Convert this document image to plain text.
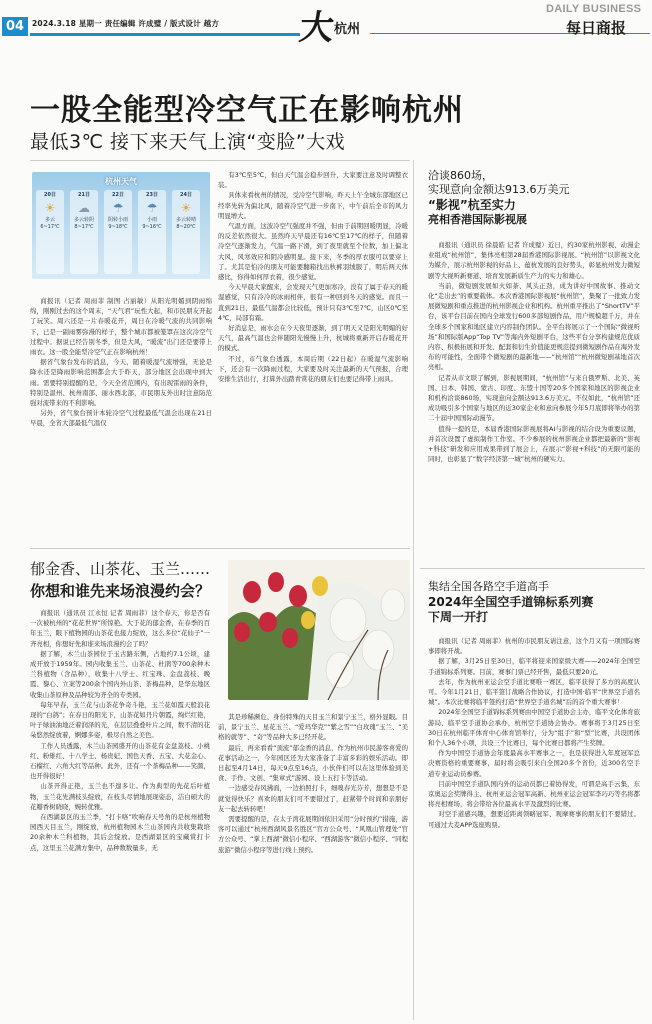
04	2024.3.18 星期一 责任编辑 许成璧 / 版式设计 越方 大
杭州
DAILY BUSINESS
每日商报
一股全能型冷空气正在影响杭州
最低3℃ 接下来天气上演“变脸”大戏
杭州天气
20日
☀
多云
6~17℃
21日
☁
多云转阴
8~17℃
22日
☂
阴转小雨
9~18℃
23日
☂
小雨
9~16℃
24日
☀
多云转晴
8~20℃

商报讯（记者 周雨菲 制图 占丽敏）从阳光明媚到阴雨绵绵，刚刚过去的这个周末，“天气君”玩性大起，和市民朋友开起了玩笑。周六还是一片春暖花开，周日在冷暖气流的共同影响下，已是一副雨雾弥漫的样子，整个城市都被笼罩在这次冷空气过程中。据说已经告别冬季，但是大风，“暖流”出门还是要带上雨衣。这一股全能型冷空气正在影响杭州！

据省气象台发布的消息，今天，随着暖湿气流增强，无论是降水还是降雨影响范围都会大于昨天，部分地区会出现中到大雨。需要特别提醒的是，今天全省范围内，有出现雷雨的条件，特别是温州、杭州南部、丽水西北部，市民朋友外出时注意防范强对流带来的不利影响。

另外，省气象台预计本轮冷空气过程最低气温会出现在21日早晨，全省大部最低气温仅

有3℃至5℃，但白天气温会稳步回升，大家要注意及时调整衣装。

具体来看杭州的情况，受冷空气影响，昨天上午全城东部地区已经率先转为偏北风，随着冷空气进一步南下，中午前后全市的风力明显增大。

气温方面，这波冷空气强度并不强，但由于前期回暖明显，冷暖的反差依然很大。虽然昨天早晨还有16℃至17℃的样子，但随着冷空气逐渐发力，气温一路下滑，到了夜里就至个位数，加上偏北大风，风寒效应和阴冷感明显。接下来，冬季的厚衣服可以要穿上了。尤其是怕冷的朋友可能要翻箱找出秋裤羽绒服了，明后两天体感比，你得如何厚衣着，很少感觉。

今天早晨大家醒来，会发现天气更加寒冷，没有了属于春天的暖湿感觉，只有冷冷的冰雨相伴，很有一种回到冬天的感觉。而且一直到21日，最低气温都会比较低，预计只有3℃至7℃，山区0℃至4℃，局部有霜。

好消息是，雨水会在今天夜里逐渐，到了明天又是阳光明媚的好天气，最高气温也会伴随阳光慢慢上升，杭城将重新开启春暖花开的模式。

不过，市气象台透露，本周后期（22日起）在暖湿气流影响下，还会有一次降雨过程，大家要及时关注最新的天气预报，合理安排生活出行，打算外出踏青赏花的朋友们也要记得带上雨具。

洽谈860场，
实现意向金额达913.6万美元
“影视”杭至实力
亮相香港国际影视展

商报讯（通讯员 徐晨皓 记者 许成璧）近日，约30家杭州影视、动漫企业组成“杭州馆”，集体亮相第28届香港国际影视展。“杭州馆”以影视文化为媒介，展示杭州影视的好品上、蕴杭发展的良好势头，彰显杭州发力微短剧等大视听新赛道、培育发展新质生产力的实力和雄心。

当前，微短剧发展如火如荼、风头正劲，成为讲好中国故事、推动文化“走出去”的重要载体。本次香港国际影视展“杭州馆”，集聚了一批致力发展微短剧和重点推进的杭州影视企业和机构。杭州重平推出了“ShortTV”平台，该平台目前在国内全球发行600多部短剧作品，用户规模超千万，并在全球多个国家和地区建立内容制作团队。全平台将展示了一个国际“微视听场”和国际版App“Top TV”等海内外短剧平台，这些平台分享构建规范优质内容、积极拓展和开发、配套和衍生价值能更规范提到微短剧作品在海外发布的可能性，全面带个微短剧的最新地——“杭州馆”“杭州微短剧基地首次亮相。

记者从市文联了解到，影视展期间，“杭州馆”与来自俄罗斯、北美、英国、日本、韩国、蒙古、印度、东盟十国等20多个国家和地区的影视企业和机构洽谈860场，实现意向金额达913.6万美元。不仅如此，“杭州馆”还成功吸引多个国家与地区的近30家企业和意向参展今年5月底即将举办的第二十届中国国际动漫节。

值得一提的是，本届香港国际影视展将AI与影视的结合设为重要议题，并首次设置了虚拟制作工作室。不少参展的杭州影视企业都把最新的“影视+科技”研发和应用成果带到了展会上，在展示“影视+科技”的无限可能的同时，也彰显了“数字经济第一城”杭州的硬实力。

集结全国各路空手道高手
2024年全国空手道锦标系列赛
下周一开打

商报讯（记者 周雨菲）杭州的市民朋友请注意，这个月又有一项国际赛事即将开战。

据了解，3月25日至30日，临平将迎来国家级大赛——2024年全国空手道锦标系列赛。目前，赛事门票已经开售，最低只要20元。

去年，作为杭州亚运会空手道比赛唯一赛区，临平获得了多方的高度认可。今年1月21日，临平签订战略合作协议，打造中国·临平“世界空手道名城”。本次比赛将临平签约打造“世界空手道名城”后的首个重大赛事！

2024年全国空手道锦标系列赛由中国空手道协会主办，临平文化体育旅游局、临平空手道协会承办，杭州空手道协会协办。赛事将于3月25日至30日在杭州临平体育中心体育馆举行，分为“组手”和“型”比赛，共设团体和个人36个小项，共设三个比赛日，每个比赛日都将产生奖牌。

作为中国空手道协会年度最高水平赛事之一，也是获得进入年度冠军总决赛资格的重要赛事，届时将会吸引来自全国20多个省份，近300名空手道专业运动员参赛。

目前中国空手道队国内外的运动员都已着协得发，可谓是高手云集，东京奥运会奖牌得主、杭州亚运会冠军高新、杭州亚运会冠军李巧巧等名将都将亮相赛场，将会带给各位最高水平及激烈的比赛。

对空手道感兴趣，想要近距离领略冠军、观摩赛事的朋友们不要错过。可通过大麦APP选座购票。

郁金香、山茶花、玉兰……
你想和谁先来场浪漫约会？

商报讯（通讯员 江永恒 记者 周雨菲）这个春天，你是否有一次被杭州的“花花世界”所惊艳。大于花的郁金香，在春季的百年玉兰，眼下植物园的山茶花也接力绽放，这么多位“花仙子”一齐亮相，你想好先和谁来场浪漫约会了吗？

据了解，木兰山茶园位于玉古路东侧，占地约7.1公顷，建成开放于1959年。园内收集玉兰、山茶花、杜鹃等700余种木兰科植物（含品种），收集十八学士、红宝珠、金盘荔枝、晚霞、黎心、立案等200余个国内外山茶、茶梅品种，是华东地区收集山茶原种及品种较为齐全的专类园。

每年早春，玉兰花与山茶花争奇斗艳，玉兰花如霞天般浪花现的“白鸽”；在春日的阳光下，山茶花如丹片朝霞，绚烂红艳，叶子绿油油地泛着润泽的光，在层层叠叠叶片之间，数不清的花朵悠然绽放着，婀娜多姿，极尽自然之美色。

工作人员透露，木兰山茶园盛开的山茶花有金盘荔枝、小桃红、粉雉红、十八学士、杨贵妃、国色天香、五宝、大花金心、石榴红、六角大红等品种。此外，还有一个茶梅品种——笑颜，也开得很好！

山茶开得正艳，玉兰也不遑多让。作为典型的先花后叶植物，玉兰花先满枝头绽放，在枝头尽情地展现姿态，洁白硕大的花瓣香树晓晓，婉转优雅。

在西湖景区的玉兰季，“打卡咯”吹响春天号角的是杭州植物园西天目玉兰，刚绽放，杭州植物园木兰山茶园内共收集栽培20余种木兰科植物，其后会绽放。是西湖景区的宝藏赏打卡点，这里玉兰花满方集中，品种数数量多，无

其是珍稀濒危、身份特殊的天目玉兰和景宁玉兰，格外显眼。目前，景宁玉兰、星花玉兰、“爱玛华克”“紫之雪”“白玫瑰”玉兰、“美格的就等”、“奇”等品种大多已经开花。

最后，再来看看“顶流”郁金香的消息，作为杭州市民游客喜爱的花事活动之一，今年园区还为大家准备了丰富多彩的娱乐活动。即日起至4月14日，每天9点至16点，小伙伴们可以在这里体验到美食、手作、文创、“集章式”游园、设上五打卡等活动。

一边感受春风拂面，一边拍照打卡，细嗅春光芬芳，想想是不是就觉得快乐？喜欢的朋友们可不要错过了，赶紧带个时间和亲朋好友一起去转转吧！

需要提醒的是，在太子湾花展期间依旧采用“分时预约”措施，游客可以通过“杭州西湖风景名胜区”官方公众号、“风凰山管理处”官方公众号、“掌上西湖”微信小程序、“西湖游客”微信小程序、“同程旅游”微信小程序等进行线上预约。
